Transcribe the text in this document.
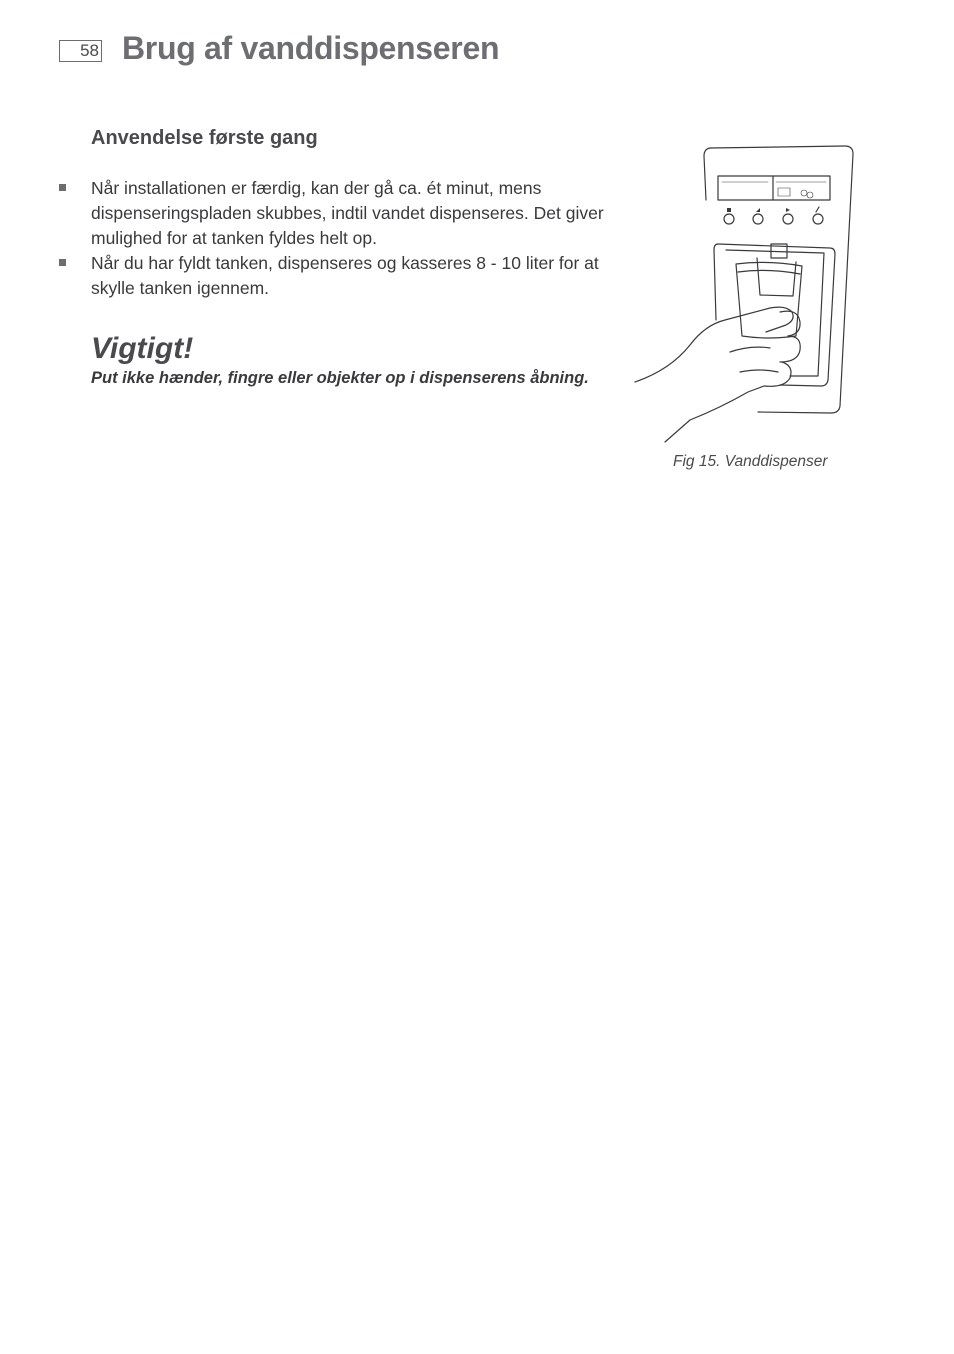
58 Brug af vanddispenseren
Anvendelse første gang
Når installationen er færdig, kan der gå ca. ét minut, mens dispenseringspladen skubbes, indtil vandet dispenseres. Det giver mulighed for at tanken fyldes helt op.
Når du har fyldt tanken, dispenseres og kasseres 8 - 10 liter for at skylle tanken igennem.
Vigtigt!

Put ikke hænder, fingre eller objekter op i dispenserens åbning.

Fig 15. Vanddispenser
